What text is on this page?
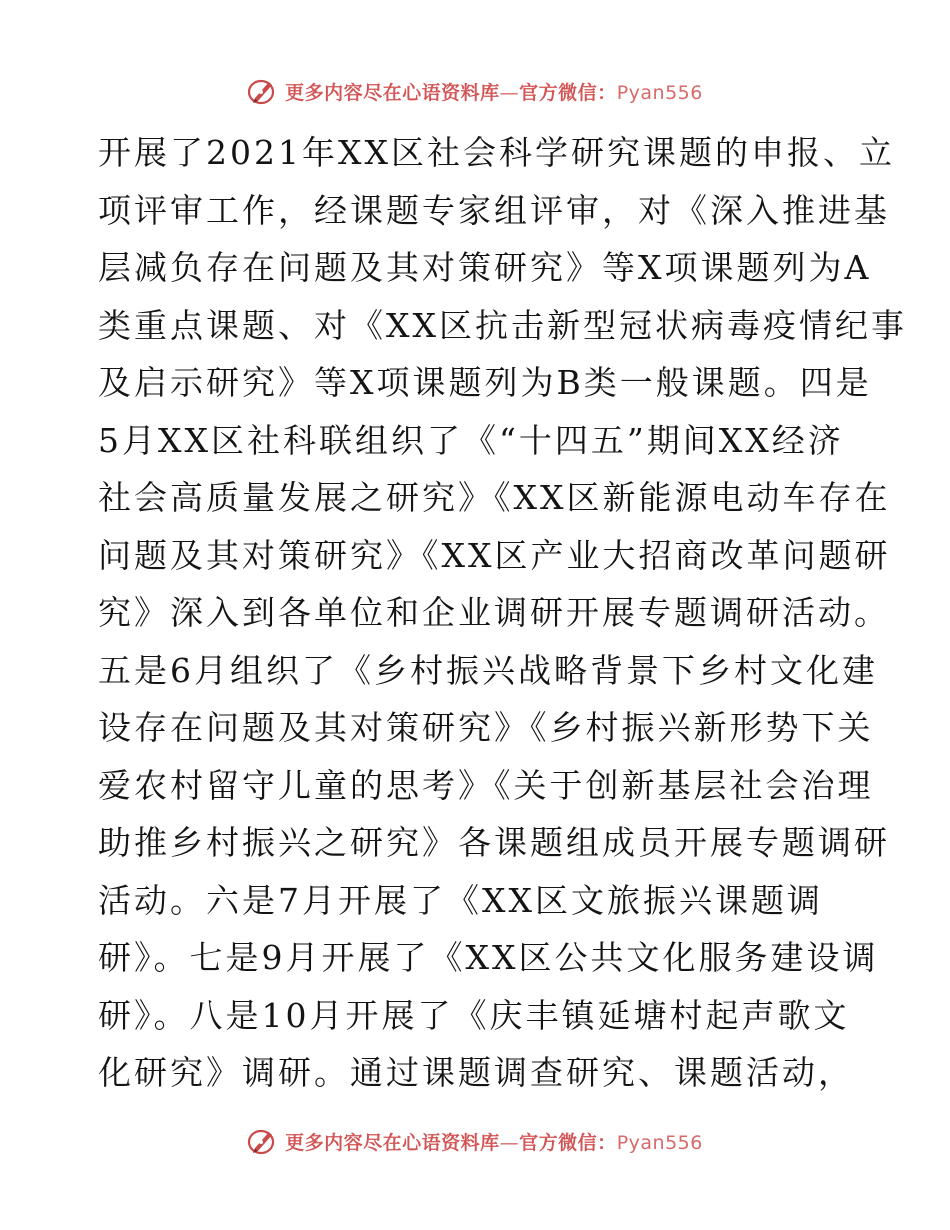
更多内容尽在心语资料库—官方微信：Pyan556
开展了2021年XX区社会科学研究课题的申报、立
项评审工作，经课题专家组评审，对《深入推进基
层减负存在问题及其对策研究》等X项课题列为A
类重点课题、对《XX区抗击新型冠状病毒疫情纪事
及启示研究》等X项课题列为B类一般课题。四是
5月XX区社科联组织了《“十四五”期间XX经济
社会高质量发展之研究》《XX区新能源电动车存在
问题及其对策研究》《XX区产业大招商改革问题研
究》深入到各单位和企业调研开展专题调研活动。
五是6月组织了《乡村振兴战略背景下乡村文化建
设存在问题及其对策研究》《乡村振兴新形势下关
爱农村留守儿童的思考》《关于创新基层社会治理
助推乡村振兴之研究》各课题组成员开展专题调研
活动。六是7月开展了《XX区文旅振兴课题调
研》。七是9月开展了《XX区公共文化服务建设调
研》。八是10月开展了《庆丰镇延塘村起声歌文
化研究》调研。通过课题调查研究、课题活动，
更多内容尽在心语资料库—官方微信：Pyan556
